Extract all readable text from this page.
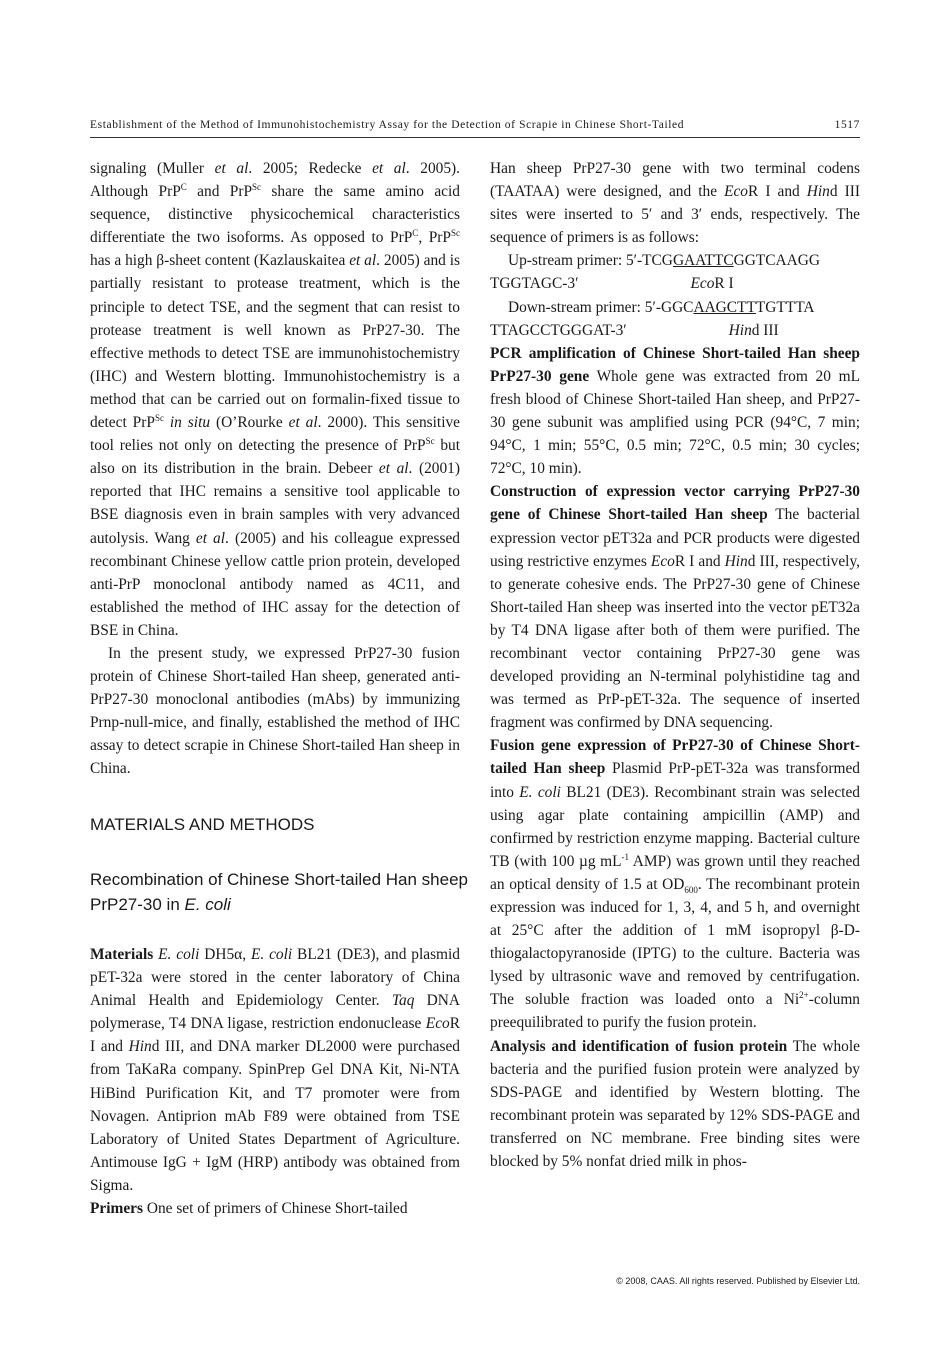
Establishment of the Method of Immunohistochemistry Assay for the Detection of Scrapie in Chinese Short-Tailed	1517

signaling (Muller et al. 2005; Redecke et al. 2005). Although PrP$^C$ and PrP$^{Sc}$ share the same amino acid sequence, distinctive physicochemical characteristics differentiate the two isoforms. As opposed to PrP$^C$, PrP$^{Sc}$ has a high β-sheet content (Kazlauskaitea et al. 2005) and is partially resistant to protease treatment, which is the principle to detect TSE, and the segment that can resist to protease treatment is well known as PrP27-30. The effective methods to detect TSE are immunohistochemistry (IHC) and Western blotting. Immunohistochemistry is a method that can be carried out on formalin-fixed tissue to detect PrP$^{Sc}$ in situ (O’Rourke et al. 2000). This sensitive tool relies not only on detecting the presence of PrP$^{Sc}$ but also on its distribution in the brain. Debeer et al. (2001) reported that IHC remains a sensitive tool applicable to BSE diagnosis even in brain samples with very advanced autolysis. Wang et al. (2005) and his colleague expressed recombinant Chinese yellow cattle prion protein, developed anti-PrP monoclonal antibody named as 4C11, and established the method of IHC assay for the detection of BSE in China.

In the present study, we expressed PrP27-30 fusion protein of Chinese Short-tailed Han sheep, generated anti-PrP27-30 monoclonal antibodies (mAbs) by immunizing Prnp-null-mice, and finally, established the method of IHC assay to detect scrapie in Chinese Short-tailed Han sheep in China.

MATERIALS AND METHODS
Recombination of Chinese Short-tailed Han sheep PrP27-30 in E. coli

Materials E. coli DH5α, E. coli BL21 (DE3), and plasmid pET-32a were stored in the center laboratory of China Animal Health and Epidemiology Center. Taq DNA polymerase, T4 DNA ligase, restriction endonuclease EcoR I and Hind III, and DNA marker DL2000 were purchased from TaKaRa company. SpinPrep Gel DNA Kit, Ni-NTA HiBind Purification Kit, and T7 promoter were from Novagen. Antiprion mAb F89 were obtained from TSE Laboratory of United States Department of Agriculture. Antimouse IgG + IgM (HRP) antibody was obtained from Sigma.

Primers One set of primers of Chinese Short-tailed

Han sheep PrP27-30 gene with two terminal codens (TAATAA) were designed, and the EcoR I and Hind III sites were inserted to 5′ and 3′ ends, respectively. The sequence of primers is as follows:

Up-stream primer: 5′-TCGGAATTCGGTCAAGG
TGGTAGC-3′	EcoR I
Down-stream primer: 5′-GGCAAGCTTTGTTTA
TTAGCCTGGGAT-3′	Hind III

PCR amplification of Chinese Short-tailed Han sheep PrP27-30 gene Whole gene was extracted from 20 mL fresh blood of Chinese Short-tailed Han sheep, and PrP27-30 gene subunit was amplified using PCR (94°C, 7 min; 94°C, 1 min; 55°C, 0.5 min; 72°C, 0.5 min; 30 cycles; 72°C, 10 min).

Construction of expression vector carrying PrP27-30 gene of Chinese Short-tailed Han sheep The bacterial expression vector pET32a and PCR products were digested using restrictive enzymes EcoR I and Hind III, respectively, to generate cohesive ends. The PrP27-30 gene of Chinese Short-tailed Han sheep was inserted into the vector pET32a by T4 DNA ligase after both of them were purified. The recombinant vector containing PrP27-30 gene was developed providing an N-terminal polyhistidine tag and was termed as PrP-pET-32a. The sequence of inserted fragment was confirmed by DNA sequencing.

Fusion gene expression of PrP27-30 of Chinese Short-tailed Han sheep Plasmid PrP-pET-32a was transformed into E. coli BL21 (DE3). Recombinant strain was selected using agar plate containing ampicillin (AMP) and confirmed by restriction enzyme mapping. Bacterial culture TB (with 100 µg $mL^{-1}$ AMP) was grown until they reached an optical density of 1.5 at $OD_{600}$. The recombinant protein expression was induced for 1, 3, 4, and 5 h, and overnight at 25°C after the addition of 1 mM isopropyl β-D-thiogalactopyranoside (IPTG) to the culture. Bacteria was lysed by ultrasonic wave and removed by centrifugation. The soluble fraction was loaded onto a $Ni^{2+}$-column preequilibrated to purify the fusion protein.

Analysis and identification of fusion protein The whole bacteria and the purified fusion protein were analyzed by SDS-PAGE and identified by Western blotting. The recombinant protein was separated by 12% SDS-PAGE and transferred on NC membrane. Free binding sites were blocked by 5% nonfat dried milk in phos-

© 2008, CAAS. All rights reserved. Published by Elsevier Ltd.
